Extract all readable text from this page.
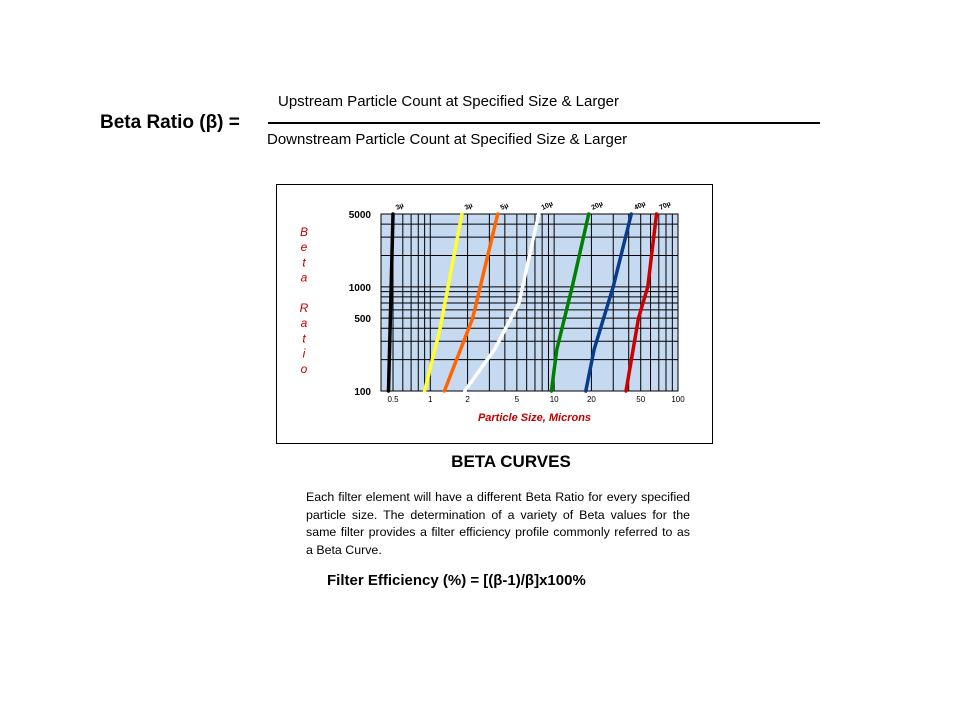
Beta Ratio (β) =
Upstream Particle Count at Specified Size & Larger
Downstream Particle Count at Specified Size & Larger
3µ	3µ	5µ	10µ	20µ	40µ 70µ
0.5	1	2	5	10	20	50	100
100
500
1000
5000
Particle Size, Microns
B
e
t
a
R
a
t
i
o
BETA CURVES
Each filter element will have a different Beta Ratio for every specified particle size. The determination of a variety of Beta values for the same filter provides a filter efficiency profile commonly referred to as a Beta Curve.
Filter Efficiency (%) = [(β-1)/β]x100%
